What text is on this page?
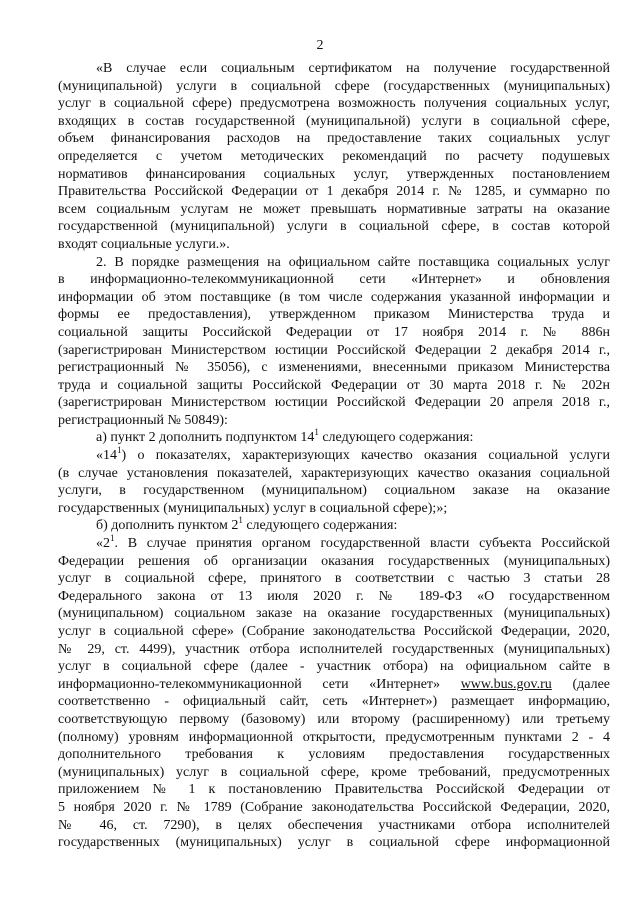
2
«В случае если социальным сертификатом на получение государственной
(муниципальной) услуги в социальной сфере (государственных (муниципальных)
услуг в социальной сфере) предусмотрена возможность получения социальных услуг,
входящих в состав государственной (муниципальной) услуги в социальной сфере,
объем финансирования расходов на предоставление таких социальных услуг
определяется с учетом методических рекомендаций по расчету подушевых
нормативов финансирования социальных услуг, утвержденных постановлением
Правительства Российской Федерации от 1 декабря 2014 г. № 1285, и суммарно по
всем социальным услугам не может превышать нормативные затраты на оказание
государственной (муниципальной) услуги в социальной сфере, в состав которой
входят социальные услуги.».
2. В порядке размещения на официальном сайте поставщика социальных услуг
в информационно-телекоммуникационной сети «Интернет» и обновления
информации об этом поставщике (в том числе содержания указанной информации и
формы ее предоставления), утвержденном приказом Министерства труда и
социальной защиты Российской Федерации от 17 ноября 2014 г. № 886н
(зарегистрирован Министерством юстиции Российской Федерации 2 декабря 2014 г.,
регистрационный № 35056), с изменениями, внесенными приказом Министерства
труда и социальной защиты Российской Федерации от 30 марта 2018 г. № 202н
(зарегистрирован Министерством юстиции Российской Федерации 20 апреля 2018 г.,
регистрационный № 50849):
а) пункт 2 дополнить подпунктом $14^1$ следующего содержания:
«$14^1$) о показателях, характеризующих качество оказания социальной услуги
(в случае установления показателей, характеризующих качество оказания социальной
услуги, в государственном (муниципальном) социальном заказе на оказание
государственных (муниципальных) услуг в социальной сфере);»;
б) дополнить пунктом $2^1$ следующего содержания:
«$2^1$. В случае принятия органом государственной власти субъекта Российской
Федерации решения об организации оказания государственных (муниципальных)
услуг в социальной сфере, принятого в соответствии с частью 3 статьи 28
Федерального закона от 13 июля 2020 г. № 189-ФЗ «О государственном
(муниципальном) социальном заказе на оказание государственных (муниципальных)
услуг в социальной сфере» (Собрание законодательства Российской Федерации, 2020,
№ 29, ст. 4499), участник отбора исполнителей государственных (муниципальных)
услуг в социальной сфере (далее - участник отбора) на официальном сайте в
информационно-телекоммуникационной сети «Интернет» www.bus.gov.ru (далее
соответственно - официальный сайт, сеть «Интернет») размещает информацию,
соответствующую первому (базовому) или второму (расширенному) или третьему
(полному) уровням информационной открытости, предусмотренным пунктами 2 - 4
дополнительного требования к условиям предоставления государственных
(муниципальных) услуг в социальной сфере, кроме требований, предусмотренных
приложением № 1 к постановлению Правительства Российской Федерации от
5 ноября 2020 г. № 1789 (Собрание законодательства Российской Федерации, 2020,
№ 46, ст. 7290), в целях обеспечения участниками отбора исполнителей
государственных (муниципальных) услуг в социальной сфере информационной
